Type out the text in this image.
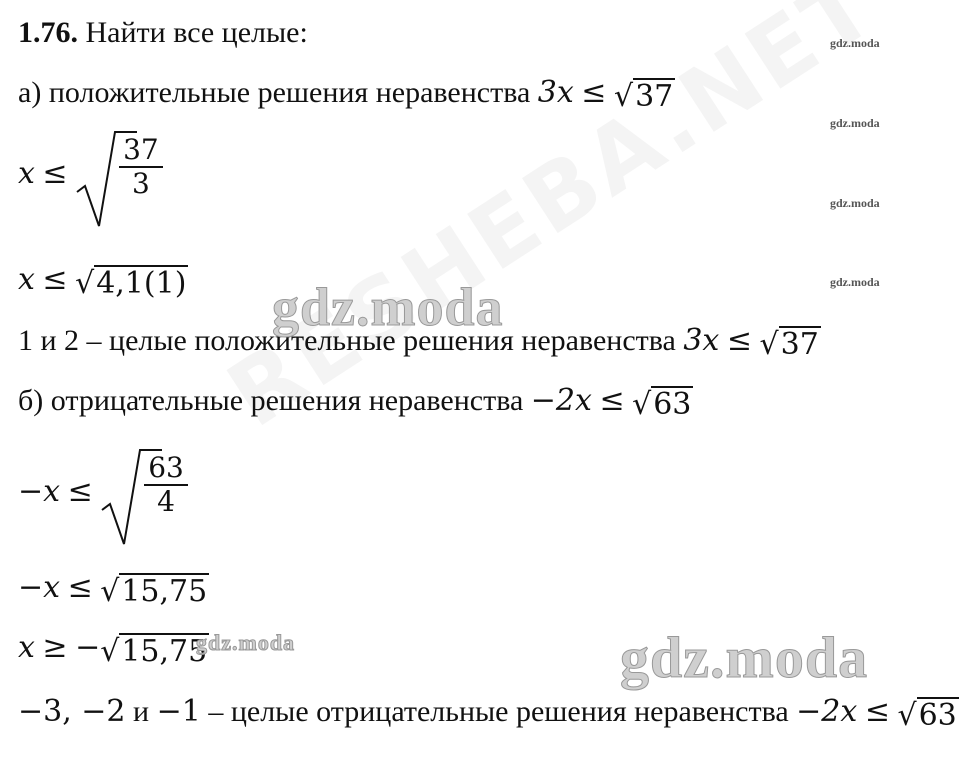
1.76. Найти все целые:
а) положительные решения неравенства 3x ≤ √ 37
$x \le \frac{37}{3}$
x ≤ √ 4,1(1)
1 и 2 – целые положительные решения неравенства 3x ≤ √ 37
б) отрицательные решения неравенства −2x ≤ √ 63
$-x \le \frac{63}{4}$
−x ≤ √ 15,75
x ≥ − √ 15,75
−3, −2 и −1 – целые отрицательные решения неравенства −2x ≤ √ 63
gdz.moda
gdz.moda
gdz.moda
gdz.moda
gdz.moda
gdz.moda	gdz.moda
